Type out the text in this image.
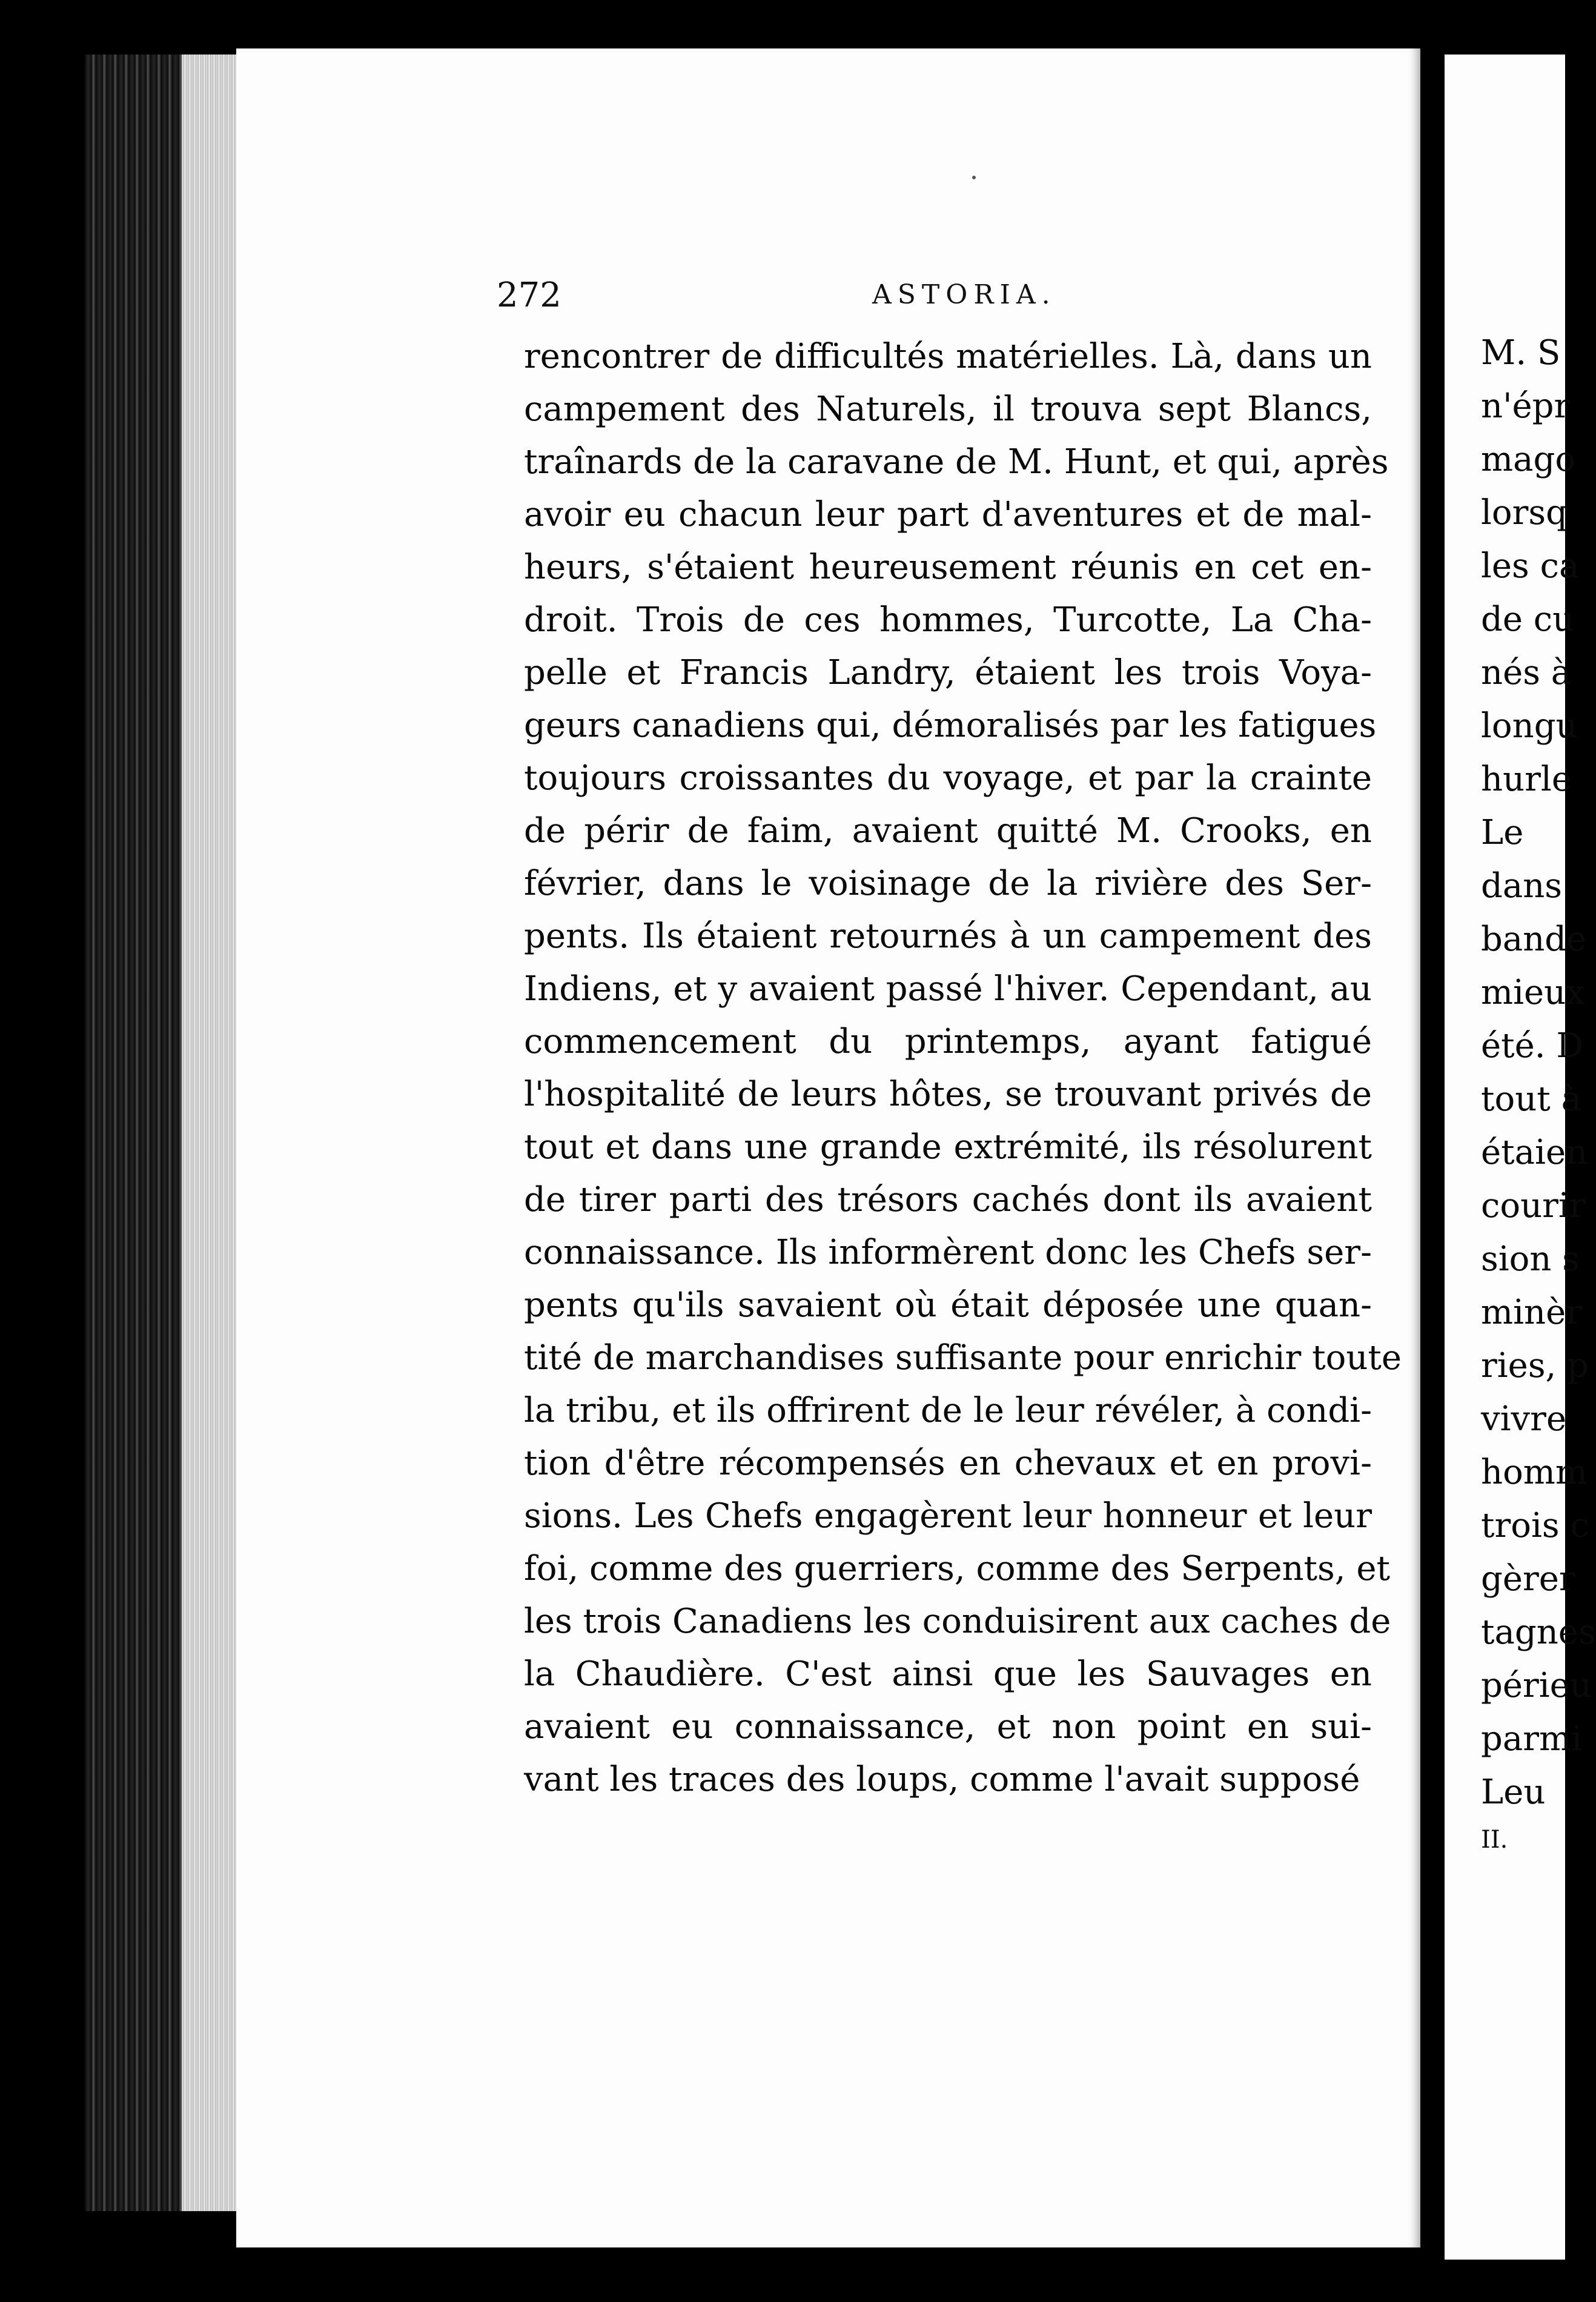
272	ASTORIA.
rencontrer de difficultés matérielles. Là, dans un
campement des Naturels, il trouva sept Blancs,
traînards de la caravane de M. Hunt, et qui, après
avoir eu chacun leur part d'aventures et de mal-
heurs, s'étaient heureusement réunis en cet en-
droit. Trois de ces hommes, Turcotte, La Cha-
pelle et Francis Landry, étaient les trois Voya-
geurs canadiens qui, démoralisés par les fatigues
toujours croissantes du voyage, et par la crainte
de périr de faim, avaient quitté M. Crooks, en
février, dans le voisinage de la rivière des Ser-
pents. Ils étaient retournés à un campement des
Indiens, et y avaient passé l'hiver. Cependant, au
commencement du printemps, ayant fatigué
l'hospitalité de leurs hôtes, se trouvant privés de
tout et dans une grande extrémité, ils résolurent
de tirer parti des trésors cachés dont ils avaient
connaissance. Ils informèrent donc les Chefs ser-
pents qu'ils savaient où était déposée une quan-
tité de marchandises suffisante pour enrichir toute
la tribu, et ils offrirent de le leur révéler, à condi-
tion d'être récompensés en chevaux et en provi-
sions. Les Chefs engagèrent leur honneur et leur
foi, comme des guerriers, comme des Serpents, et
les trois Canadiens les conduisirent aux caches de
la Chaudière. C'est ainsi que les Sauvages en
avaient eu connaissance, et non point en sui-
vant les traces des loups, comme l'avait supposé
M. S
n'épr
mago
lorsq
les ca
de cu
nés à
longu
hurle
Le
dans
bande
mieux
été. D
tout à
étaien
courir
sion s
minèr
ries, p
vivre
homm
trois c
gèrer
tagnes
périeu
parmi
Leu
II.
